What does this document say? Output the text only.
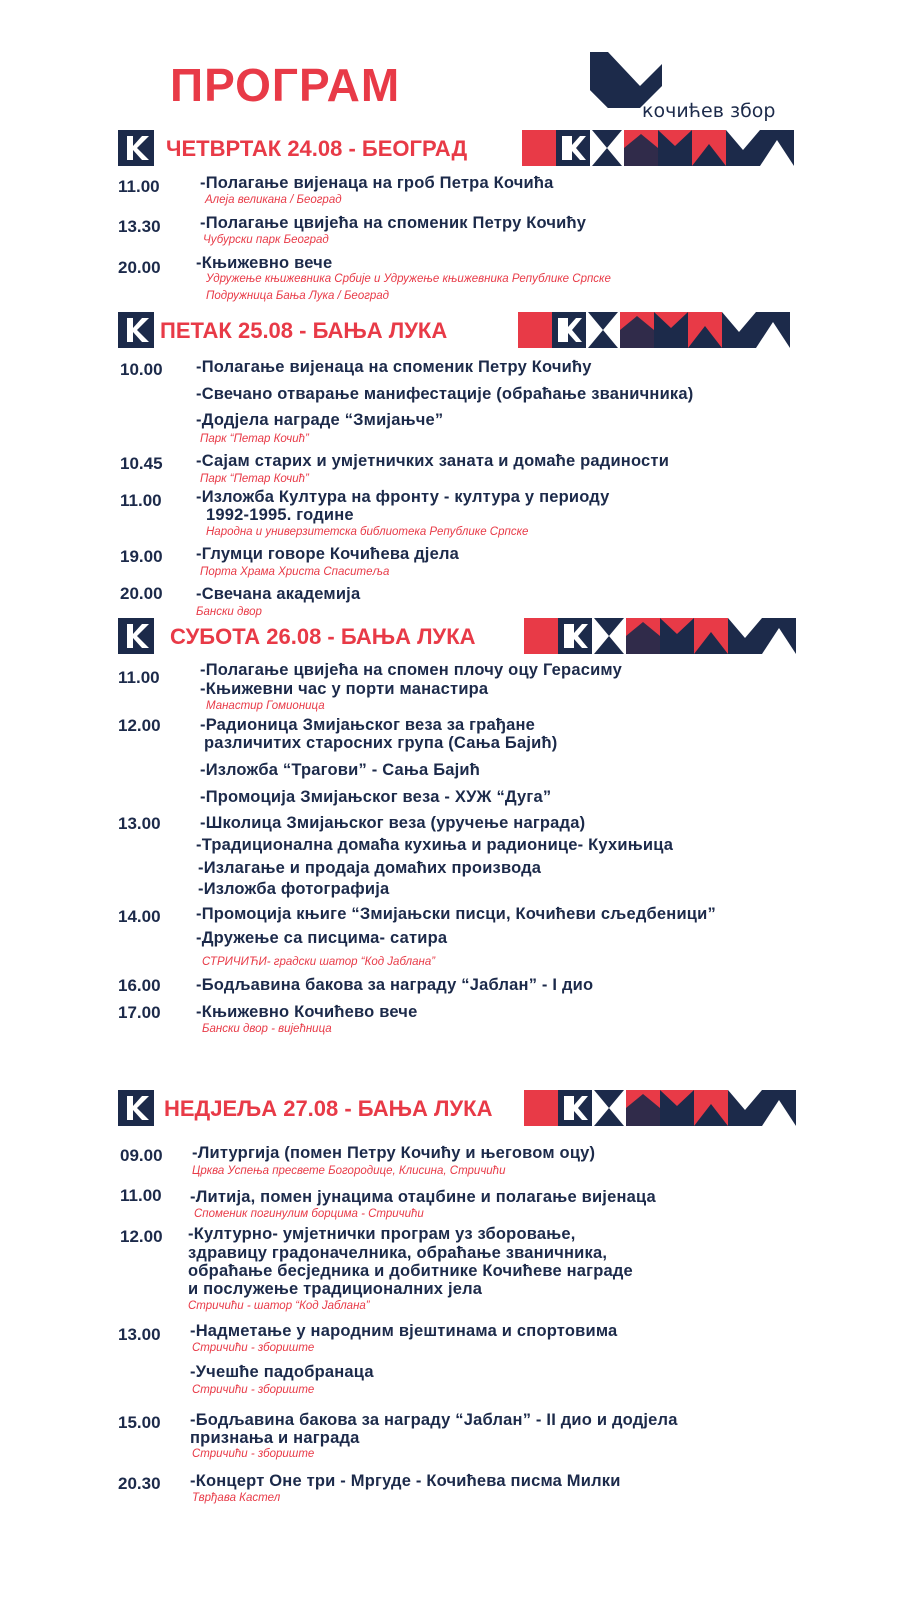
ПРОГРАМ	кочићев збор
ЧЕТВРТАК 24.08 - БЕОГРАД
11.00 -Полагање вијенаца на гроб Петра Кочића
Алеја великана / Београд
13.30 -Полагање цвијећа на споменик Петру Кочићу
Чубурски парк Београд
20.00 -Књижевно вече
Удружење књижевника Србије и Удружење књижевника Републике Српске
Подружница Бања Лука / Београд
ПЕТАК 25.08 - БАЊА ЛУКА
10.00 -Полагање вијенаца на споменик Петру Кочићу
-Свечано отварање манифестације (обраћање званичника)
-Додјела награде “Змијањче”
Парк “Петар Кочић”
10.45 -Сајам старих и умјетничких заната и домаће радиности
Парк “Петар Кочић”
11.00 -Изложба Култура на фронту - култура у периоду
1992-1995. године
Народна и универзитетска библиотека Републике Српске
19.00 -Глумци говоре Кочићева дјела
Порта Храма Христа Спаситеља
20.00 -Свечана академија
Бански двор
СУБОТА 26.08 - БАЊА ЛУКА
11.00 -Полагање цвијећа на спомен плочу оцу Герасиму
-Књижевни час у порти манастира
Манастир Гомионица
12.00 -Радионица Змијањског веза за грађане
различитих старосних група (Сања Бајић)
-Изложба “Трагови” - Сања Бајић
-Промоција Змијањског веза - ХУЖ “Дуга”
13.00 -Школица Змијањског веза (уручење награда)
-Традиционална домаћа кухиња и радионице- Кухињица
-Излагање и продаја домаћих производа
-Изложба фотографија
14.00 -Промоција књиге “Змијањски писци, Кочићеви сљедбеници”
-Дружење са писцима- сатира
СТРИЧИЋИ- градски шатор “Код Јаблана”
16.00 -Бодљавина бакова за награду “Јаблан” - I дио
17.00 -Књижевно Кочићево вече
Бански двор - вијећница
НЕДЈЕЉА 27.08 - БАЊА ЛУКА
09.00 -Литургија (помен Петру Кочићу и његовом оцу)
Црква Успења пресвете Богородице, Клисина, Стричићи
11.00 -Литија, помен јунацима отаџбине и полагање вијенаца
Споменик погинулим борцима - Стричићи
12.00 -Културно- умјетнички програм уз зборовање,
здравицу градоначелника, обраћање званичника,
обраћање бесједника и добитнике Кочићеве награде
и послужење традиционалних јела
Стричићи - шатор “Код Јаблана”
13.00 -Надметање у народним вјештинама и спортовима
Стричићи - збориште
-Учешће падобранаца
Стричићи - збориште
15.00 -Бодљавина бакова за награду “Јаблан” - II дио и додјела
признања и награда
Стричићи - збориште
20.30 -Концерт Оне три - Мргуде - Кочићева писма Милки
Тврђава Кастел
